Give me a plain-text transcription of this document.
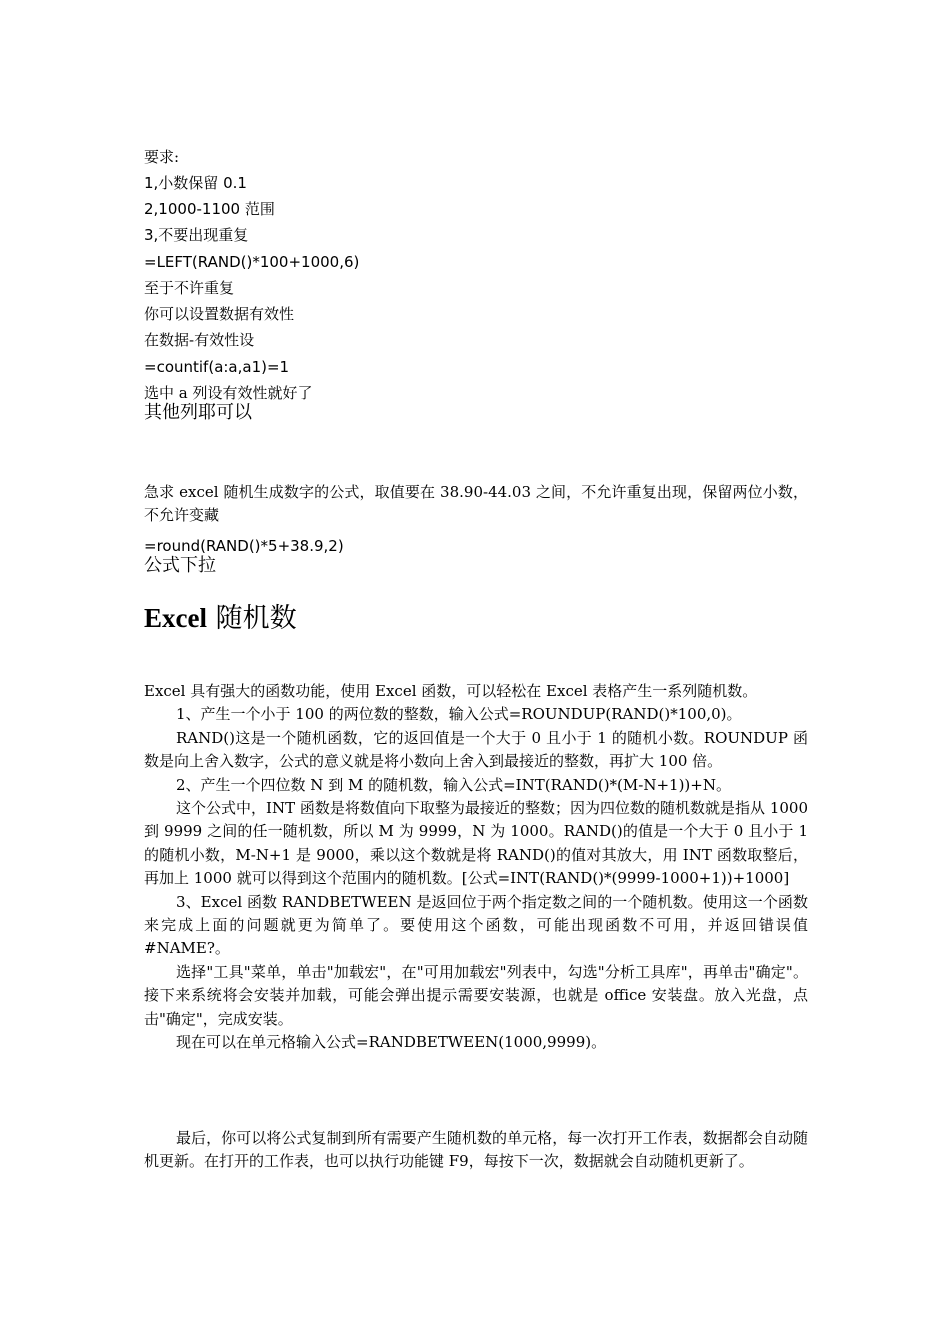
要求:
1,小数保留 0.1
2,1000-1100 范围
3,不要出现重复
=LEFT(RAND()*100+1000,6)
至于不许重复
你可以设置数据有效性
在数据-有效性设
=countif(a:a,a1)=1
选中 a 列设有效性就好了
其他列耶可以

急求 excel 随机生成数字的公式，取值要在 38.90-44.03 之间，不允许重复出现，保留两位小数，不允许变藏

=round(RAND()*5+38.9,2)
公式下拉
Excel 随机数

Excel 具有强大的函数功能，使用 Excel 函数，可以轻松在 Excel 表格产生一系列随机数。

1、产生一个小于 100 的两位数的整数，输入公式=ROUNDUP(RAND()*100,0)。

RAND()这是一个随机函数，它的返回值是一个大于 0 且小于 1 的随机小数。ROUNDUP 函数是向上舍入数字，公式的意义就是将小数向上舍入到最接近的整数，再扩大 100 倍。

2、产生一个四位数 N 到 M 的随机数，输入公式=INT(RAND()*(M-N+1))+N。

这个公式中，INT 函数是将数值向下取整为最接近的整数；因为四位数的随机数就是指从 1000 到 9999 之间的任一随机数，所以 M 为 9999，N 为 1000。RAND()的值是一个大于 0 且小于 1 的随机小数，M-N+1 是 9000，乘以这个数就是将 RAND()的值对其放大，用 INT 函数取整后，再加上 1000 就可以得到这个范围内的随机数。[公式=INT(RAND()*(9999-1000+1))+1000]

3、Excel 函数 RANDBETWEEN 是返回位于两个指定数之间的一个随机数。使用这一个函数来完成上面的问题就更为简单了。要使用这个函数，可能出现函数不可用，并返回错误值#NAME?。

选择"工具"菜单，单击"加载宏"，在"可用加载宏"列表中，勾选"分析工具库"，再单击"确定"。接下来系统将会安装并加载，可能会弹出提示需要安装源，也就是 office 安装盘。放入光盘，点击"确定"，完成安装。

现在可以在单元格输入公式=RANDBETWEEN(1000,9999)。

最后，你可以将公式复制到所有需要产生随机数的单元格，每一次打开工作表，数据都会自动随机更新。在打开的工作表，也可以执行功能键 F9，每按下一次，数据就会自动随机更新了。
